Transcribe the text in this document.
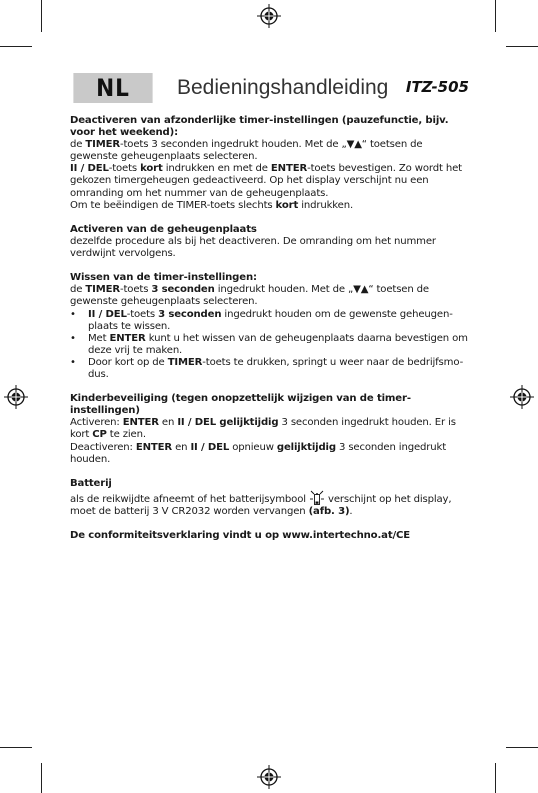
NL	Bedieningshandleiding ITZ-505

Deactiveren van afzonderlijke timer-instellingen (pauzefunctie, bijv. voor het weekend):

de TIMER-toets 3 seconden ingedrukt houden. Met de „▼▲“ toetsen de gewenste geheugenplaats selecteren.

II / DEL-toets kort indrukken en met de ENTER-toets bevestigen. Zo wordt het gekozen timergeheugen gedeactiveerd. Op het display verschijnt nu een omranding om het nummer van de geheugenplaats.

Om te beëindigen de TIMER-toets slechts kort indrukken.

Activeren van de geheugenplaats

dezelfde procedure als bij het deactiveren. De omranding om het nummer verdwijnt vervolgens.

Wissen van de timer-instellingen:

de TIMER-toets 3 seconden ingedrukt houden. Met de „▼▲“ toetsen de gewenste geheugenplaats selecteren.

• II / DEL-toets 3 seconden ingedrukt houden om de gewenste geheugen-plaats te wissen.
• Met ENTER kunt u het wissen van de geheugenplaats daarna bevestigen om deze vrij te maken.
• Door kort op de TIMER-toets te drukken, springt u weer naar de bedrijfsmo-dus.

Kinderbeveiliging (tegen onopzettelijk wijzigen van de timer-instellingen)

Activeren: ENTER en II / DEL gelijktijdig 3 seconden ingedrukt houden. Er is kort CP te zien.

Deactiveren: ENTER en II / DEL opnieuw gelijktijdig 3 seconden ingedrukt houden.

Batterij

als de reikwijdte afneemt of het batterijsymbool  verschijnt op het display, moet de batterij 3 V CR2032 worden vervangen (afb. 3).

De conformiteitsverklaring vindt u op www.intertechno.at/CE
